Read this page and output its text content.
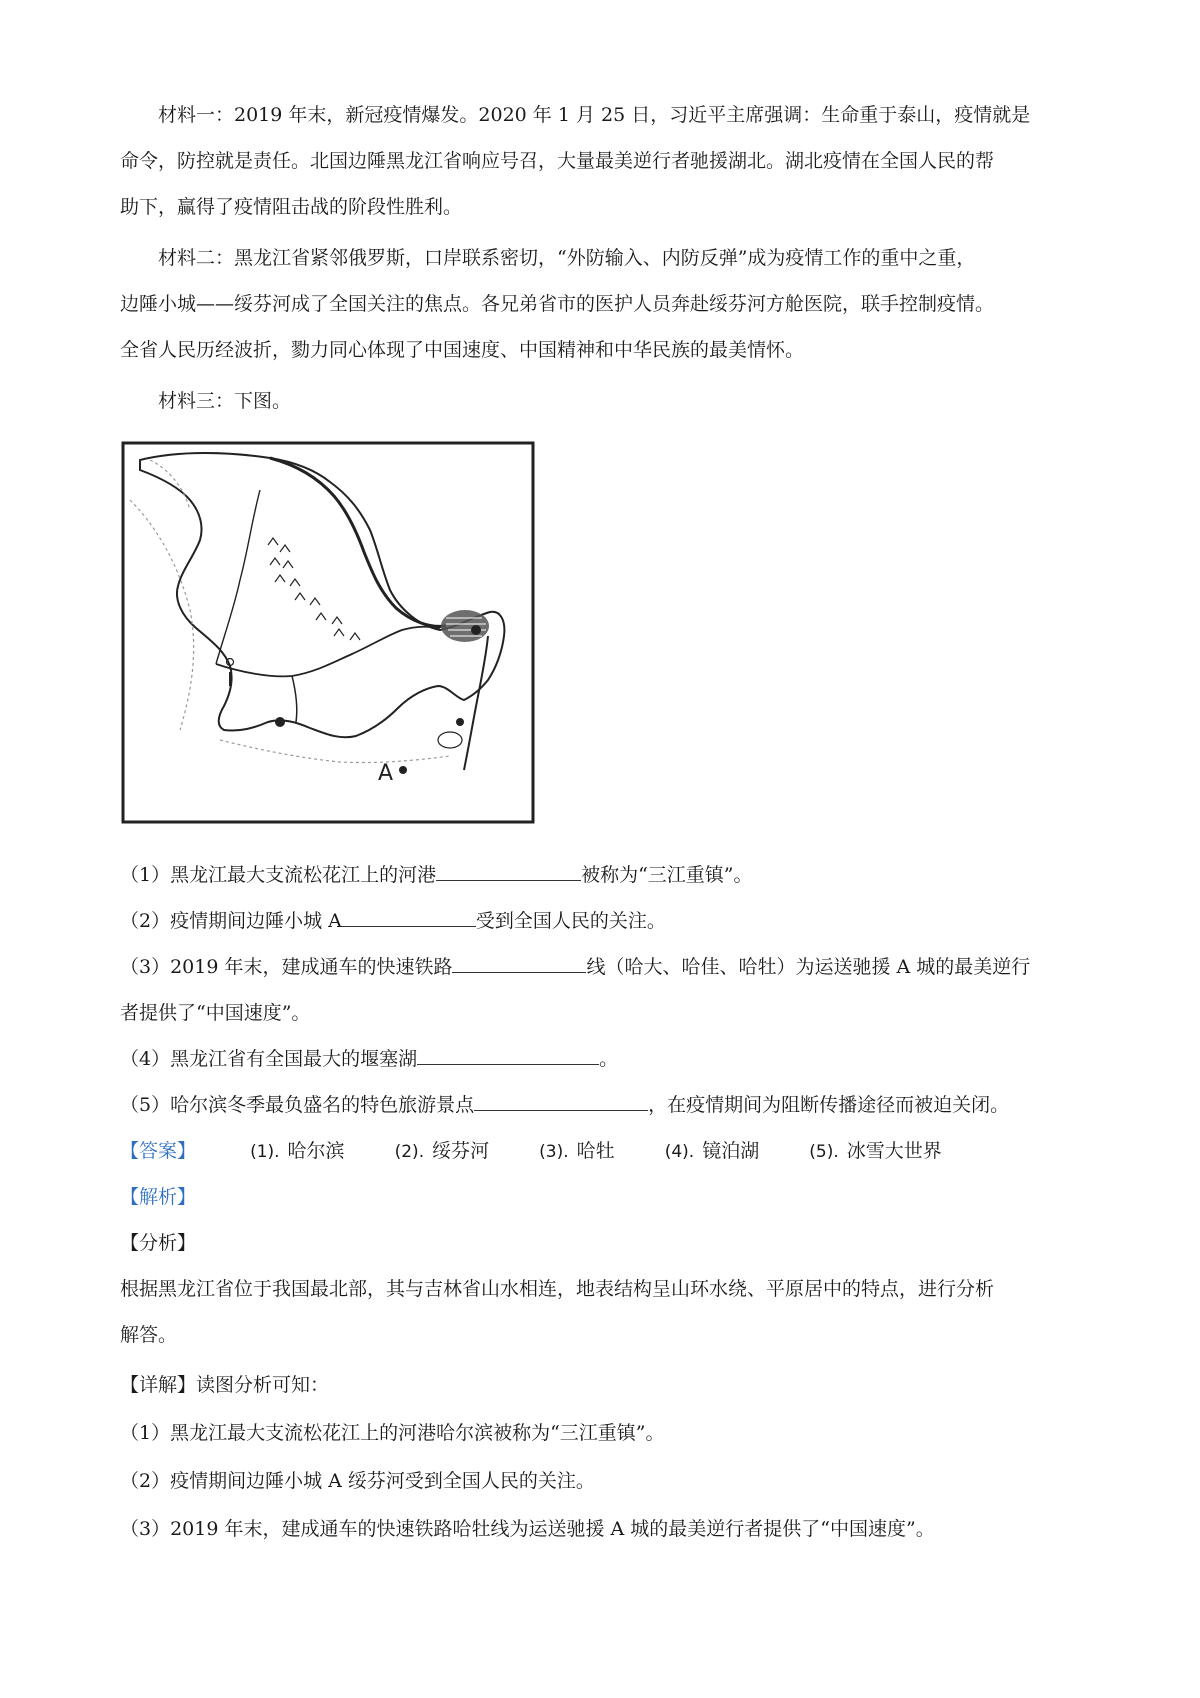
材料一：2019 年末，新冠疫情爆发。2020 年 1 月 25 日，习近平主席强调：生命重于泰山，疫情就是
命令，防控就是责任。北国边陲黑龙江省响应号召，大量最美逆行者驰援湖北。湖北疫情在全国人民的帮
助下，赢得了疫情阻击战的阶段性胜利。
材料二：黑龙江省紧邻俄罗斯，口岸联系密切，“外防输入、内防反弹”成为疫情工作的重中之重，
边陲小城——绥芬河成了全国关注的焦点。各兄弟省市的医护人员奔赴绥芬河方舱医院，联手控制疫情。
全省人民历经波折，勠力同心体现了中国速度、中国精神和中华民族的最美情怀。
材料三：下图。
A
（1）黑龙江最大支流松花江上的河港	被称为“三江重镇”。
（2）疫情期间边陲小城 A	受到全国人民的关注。
（3）2019 年末，建成通车的快速铁路	线（哈大、哈佳、哈牡）为运送驰援 A 城的最美逆行
者提供了“中国速度”。
（4）黑龙江省有全国最大的堰塞湖	。
（5）哈尔滨冬季最负盛名的特色旅游景点	，在疫情期间为阻断传播途径而被迫关闭。
【答案】	(1). 哈尔滨	(2). 绥芬河	(3). 哈牡	(4). 镜泊湖	(5). 冰雪大世界
【解析】
【分析】
根据黑龙江省位于我国最北部，其与吉林省山水相连，地表结构呈山环水绕、平原居中的特点，进行分析
解答。
【详解】读图分析可知：
（1）黑龙江最大支流松花江上的河港哈尔滨被称为“三江重镇”。
（2）疫情期间边陲小城 A 绥芬河受到全国人民的关注。
（3）2019 年末，建成通车的快速铁路哈牡线为运送驰援 A 城的最美逆行者提供了“中国速度”。
